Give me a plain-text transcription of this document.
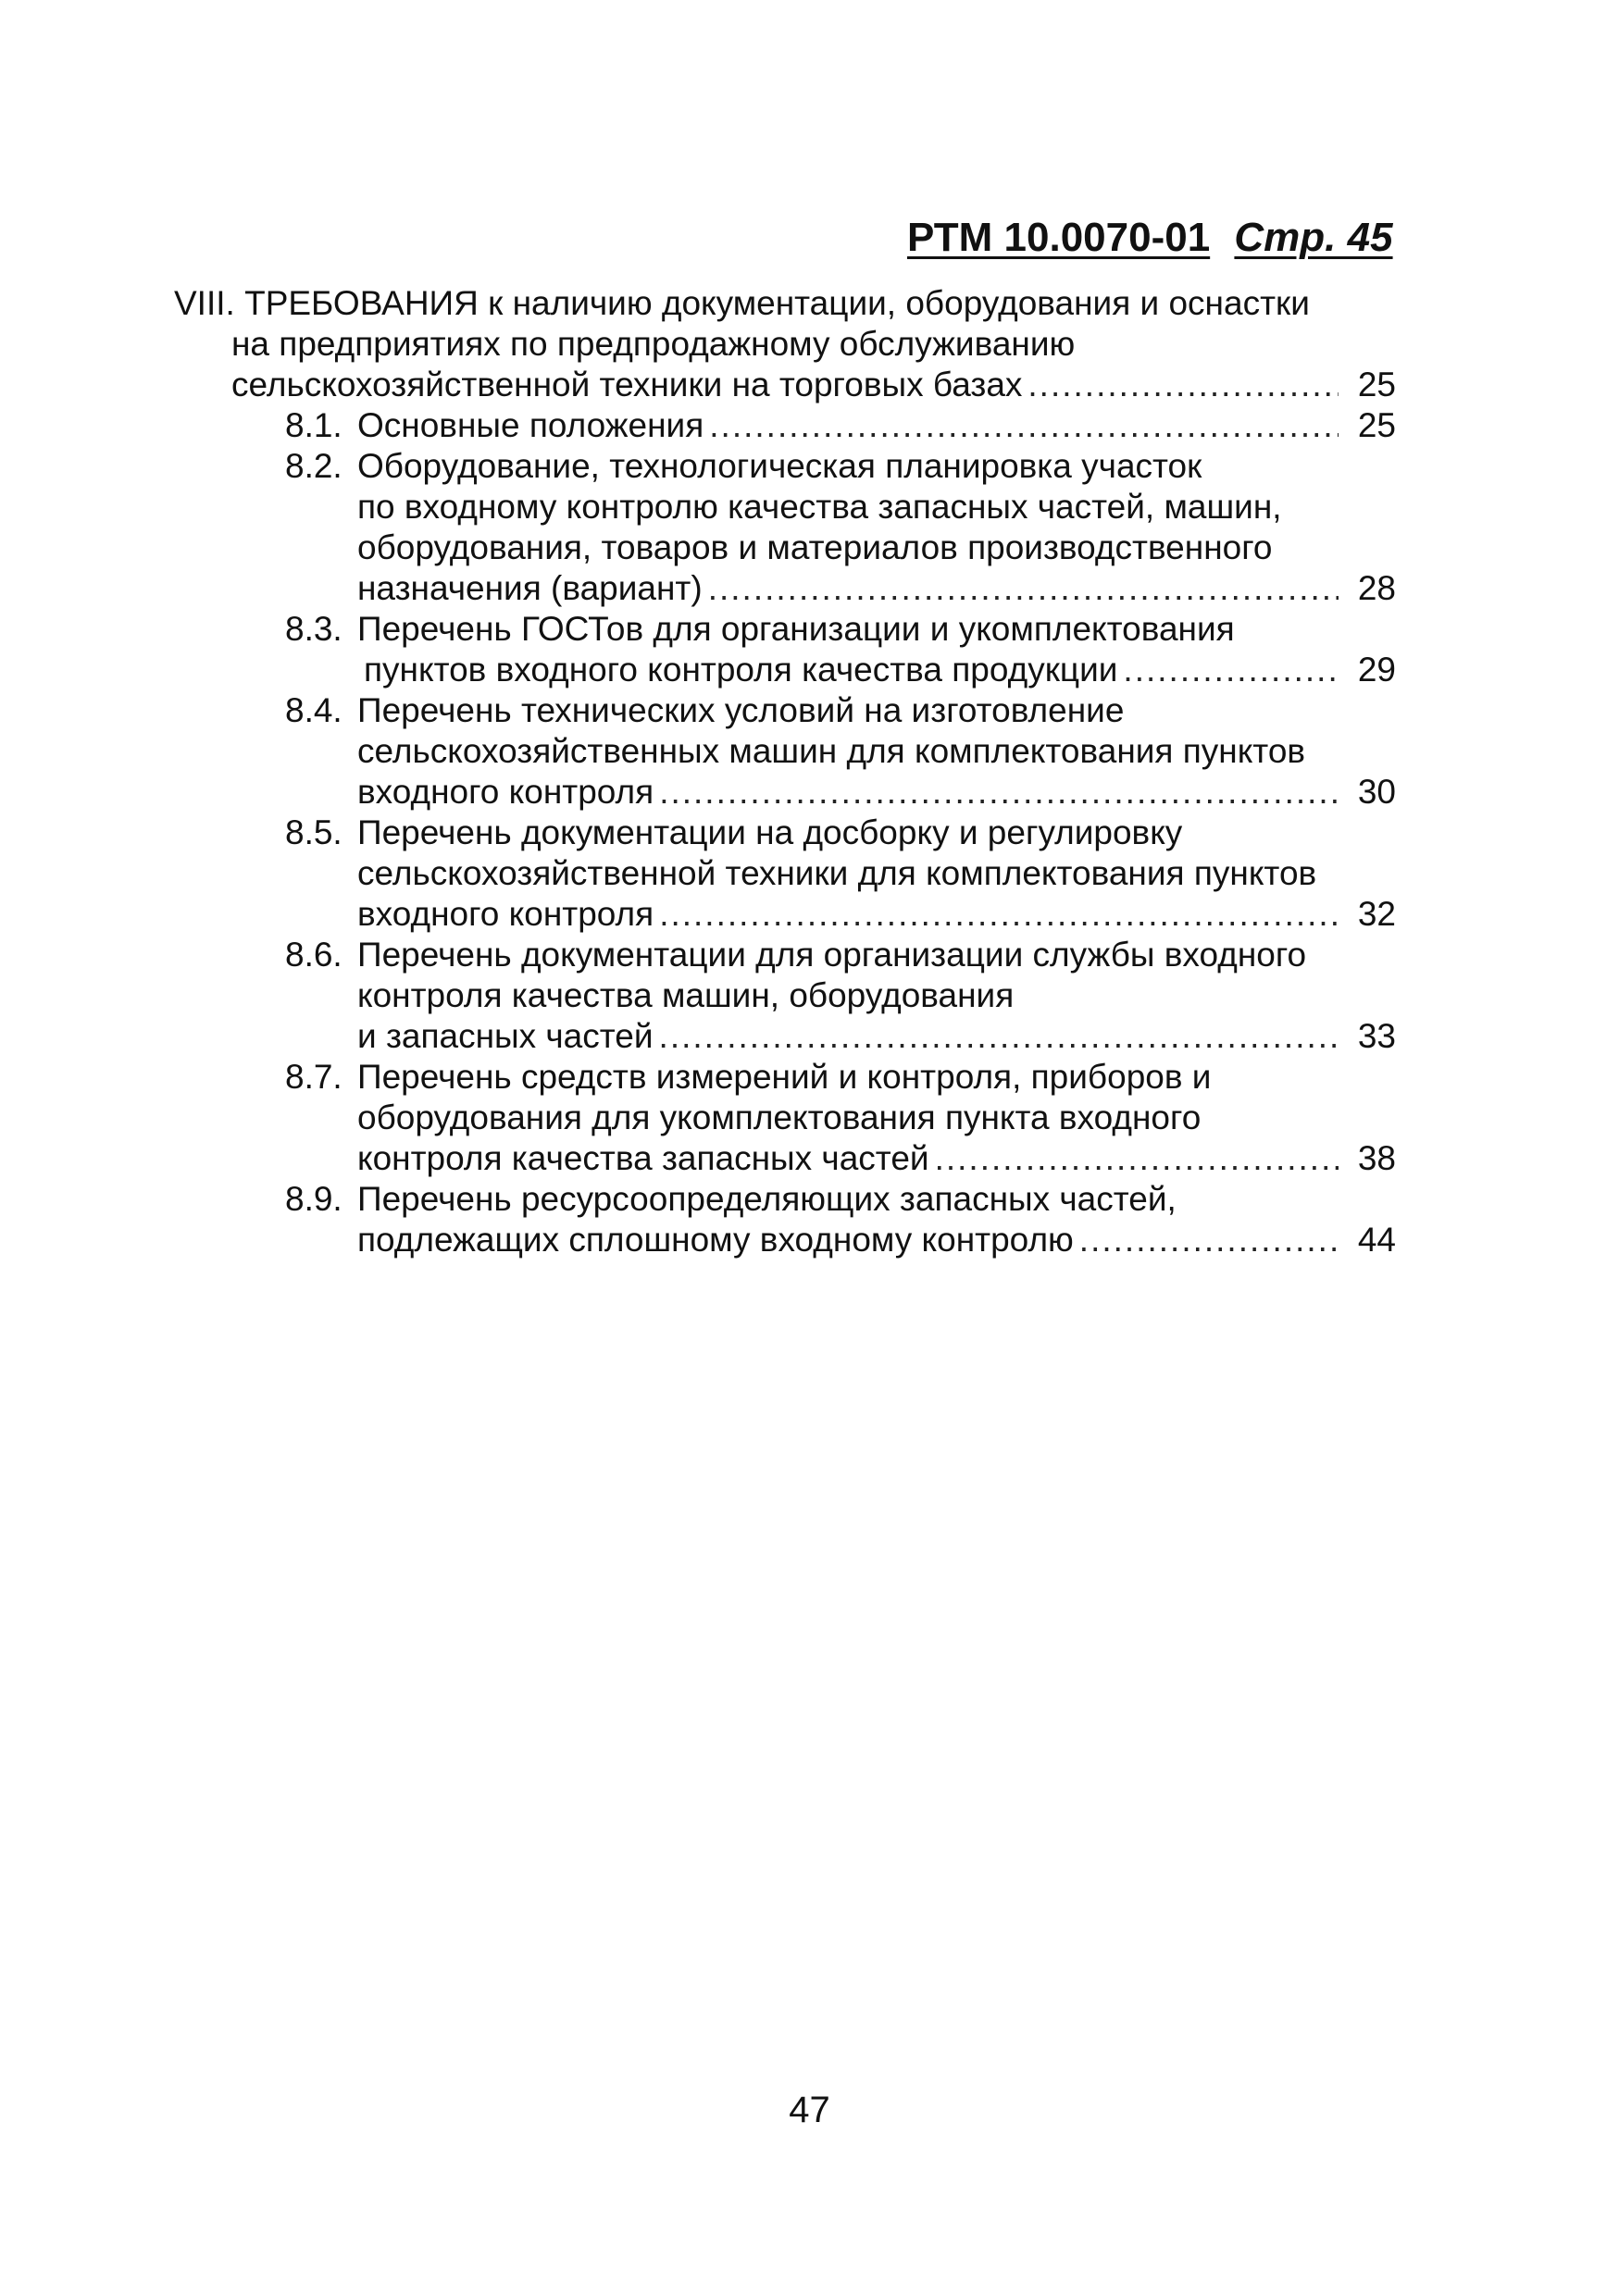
РТМ 10.0070-01 Стр. 45
VIII. ТРЕБОВАНИЯ к наличию документации, оборудования и оснастки
на предприятиях по предпродажному обслуживанию
сельскохозяйственной техники на торговых базах .....	25
8.1. Основные положения .....	25
8.2. Оборудование, технологическая планировка участок
по входному контролю качества запасных частей, машин,
оборудования, товаров и материалов производственного
назначения (вариант) .....	28
8.3. Перечень ГОСТов для организации и укомплектования
пунктов входного контроля качества продукции .....	29
8.4. Перечень технических условий на изготовление
сельскохозяйственных машин для комплектования пунктов
входного контроля .....	30
8.5. Перечень документации на досборку и регулировку
сельскохозяйственной техники для комплектования пунктов
входного контроля .....	32
8.6. Перечень документации для организации службы входного
контроля качества машин, оборудования
и запасных частей .....	33
8.7. Перечень средств измерений и контроля, приборов и
оборудования для укомплектования пункта входного
контроля качества запасных частей .....	38
8.9. Перечень ресурсоопределяющих запасных частей,
подлежащих сплошному входному контролю .....	44
47
